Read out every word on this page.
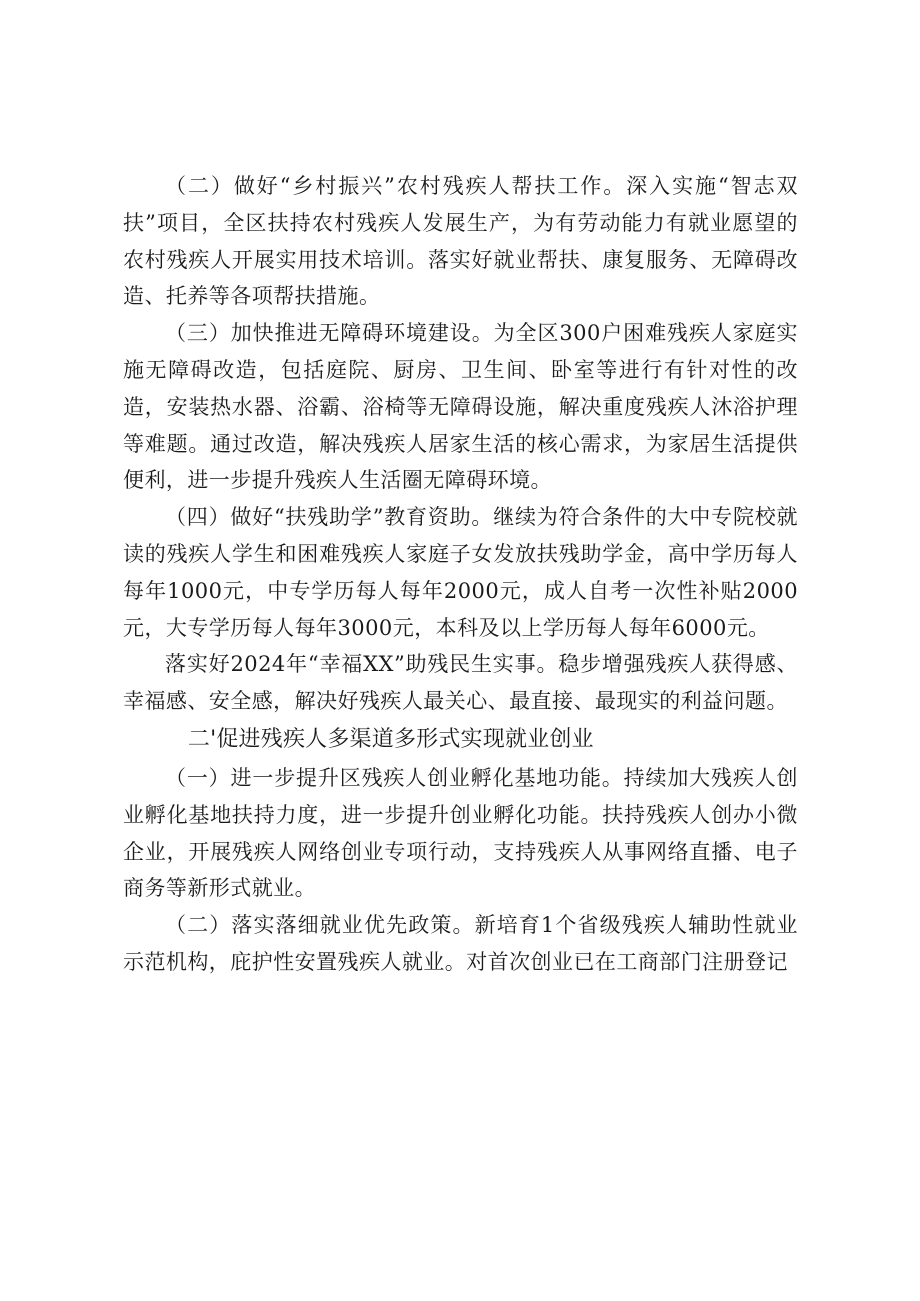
（二）做好“乡村振兴”农村残疾人帮扶工作。深入实施“智志双扶”项目，全区扶持农村残疾人发展生产，为有劳动能力有就业愿望的农村残疾人开展实用技术培训。落实好就业帮扶、康复服务、无障碍改造、托养等各项帮扶措施。

（三）加快推进无障碍环境建设。为全区300户困难残疾人家庭实施无障碍改造，包括庭院、厨房、卫生间、卧室等进行有针对性的改造，安装热水器、浴霸、浴椅等无障碍设施，解决重度残疾人沐浴护理等难题。通过改造，解决残疾人居家生活的核心需求，为家居生活提供便利，进一步提升残疾人生活圈无障碍环境。

（四）做好“扶残助学”教育资助。继续为符合条件的大中专院校就读的残疾人学生和困难残疾人家庭子女发放扶残助学金，高中学历每人每年1000元，中专学历每人每年2000元，成人自考一次性补贴2000元，大专学历每人每年3000元，本科及以上学历每人每年6000元。

落实好2024年“幸福XX”助残民生实事。稳步增强残疾人获得感、幸福感、安全感，解决好残疾人最关心、最直接、最现实的利益问题。

二'促进残疾人多渠道多形式实现就业创业

（一）进一步提升区残疾人创业孵化基地功能。持续加大残疾人创业孵化基地扶持力度，进一步提升创业孵化功能。扶持残疾人创办小微企业，开展残疾人网络创业专项行动，支持残疾人从事网络直播、电子商务等新形式就业。

（二）落实落细就业优先政策。新培育1个省级残疾人辅助性就业示范机构，庇护性安置残疾人就业。对首次创业已在工商部门注册登记
